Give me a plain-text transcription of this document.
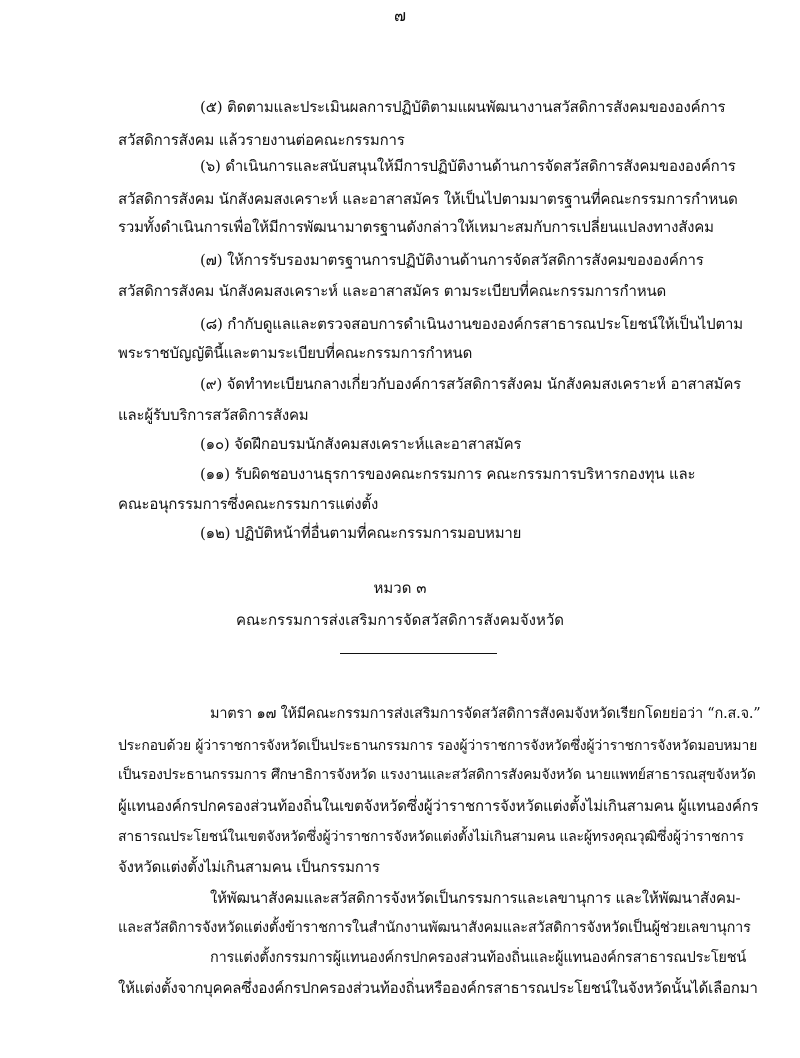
๗
(๕) ติดตามและประเมินผลการปฏิบัติตามแผนพัฒนางานสวัสดิการสังคมขององค์การ
สวัสดิการสังคม แล้วรายงานต่อคณะกรรมการ
(๖) ดำเนินการและสนับสนุนให้มีการปฏิบัติงานด้านการจัดสวัสดิการสังคมขององค์การ
สวัสดิการสังคม นักสังคมสงเคราะห์ และอาสาสมัคร ให้เป็นไปตามมาตรฐานที่คณะกรรมการกำหนด
รวมทั้งดำเนินการเพื่อให้มีการพัฒนามาตรฐานดังกล่าวให้เหมาะสมกับการเปลี่ยนแปลงทางสังคม
(๗) ให้การรับรองมาตรฐานการปฏิบัติงานด้านการจัดสวัสดิการสังคมขององค์การ
สวัสดิการสังคม นักสังคมสงเคราะห์ และอาสาสมัคร ตามระเบียบที่คณะกรรมการกำหนด
(๘) กำกับดูแลและตรวจสอบการดำเนินงานขององค์กรสาธารณประโยชน์ให้เป็นไปตาม
พระราชบัญญัตินี้และตามระเบียบที่คณะกรรมการกำหนด
(๙) จัดทำทะเบียนกลางเกี่ยวกับองค์การสวัสดิการสังคม นักสังคมสงเคราะห์ อาสาสมัคร
และผู้รับบริการสวัสดิการสังคม
(๑๐) จัดฝึกอบรมนักสังคมสงเคราะห์และอาสาสมัคร
(๑๑) รับผิดชอบงานธุรการของคณะกรรมการ คณะกรรมการบริหารกองทุน และ
คณะอนุกรรมการซึ่งคณะกรรมการแต่งตั้ง
(๑๒) ปฏิบัติหน้าที่อื่นตามที่คณะกรรมการมอบหมาย
หมวด ๓
คณะกรรมการส่งเสริมการจัดสวัสดิการสังคมจังหวัด
มาตรา ๑๗ ให้มีคณะกรรมการส่งเสริมการจัดสวัสดิการสังคมจังหวัดเรียกโดยย่อว่า “ก.ส.จ.”
ประกอบด้วย ผู้ว่าราชการจังหวัดเป็นประธานกรรมการ รองผู้ว่าราชการจังหวัดซึ่งผู้ว่าราชการจังหวัดมอบหมาย
เป็นรองประธานกรรมการ ศึกษาธิการจังหวัด แรงงานและสวัสดิการสังคมจังหวัด นายแพทย์สาธารณสุขจังหวัด
ผู้แทนองค์กรปกครองส่วนท้องถิ่นในเขตจังหวัดซึ่งผู้ว่าราชการจังหวัดแต่งตั้งไม่เกินสามคน ผู้แทนองค์กร
สาธารณประโยชน์ในเขตจังหวัดซึ่งผู้ว่าราชการจังหวัดแต่งตั้งไม่เกินสามคน และผู้ทรงคุณวุฒิซึ่งผู้ว่าราชการ
จังหวัดแต่งตั้งไม่เกินสามคน เป็นกรรมการ
ให้พัฒนาสังคมและสวัสดิการจังหวัดเป็นกรรมการและเลขานุการ และให้พัฒนาสังคม-
และสวัสดิการจังหวัดแต่งตั้งข้าราชการในสำนักงานพัฒนาสังคมและสวัสดิการจังหวัดเป็นผู้ช่วยเลขานุการ
การแต่งตั้งกรรมการผู้แทนองค์กรปกครองส่วนท้องถิ่นและผู้แทนองค์กรสาธารณประโยชน์
ให้แต่งตั้งจากบุคคลซึ่งองค์กรปกครองส่วนท้องถิ่นหรือองค์กรสาธารณประโยชน์ในจังหวัดนั้นได้เลือกมา
